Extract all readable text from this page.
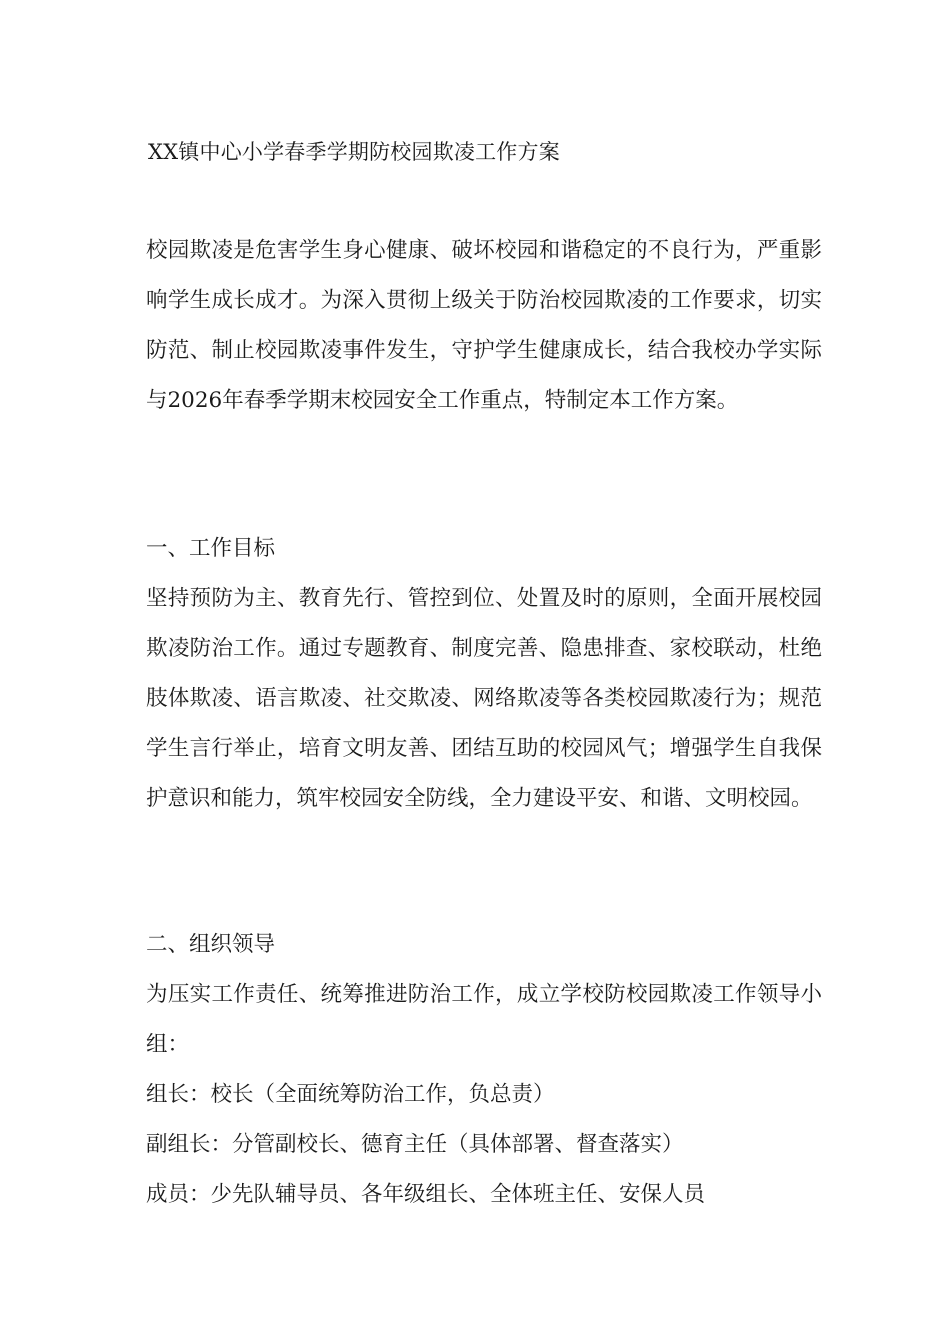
XX镇中心小学春季学期防校园欺凌工作方案

校园欺凌是危害学生身心健康、破坏校园和谐稳定的不良行为，严重影响学生成长成才。为深入贯彻上级关于防治校园欺凌的工作要求，切实防范、制止校园欺凌事件发生，守护学生健康成长，结合我校办学实际与2026年春季学期末校园安全工作重点，特制定本工作方案。

一、工作目标

坚持预防为主、教育先行、管控到位、处置及时的原则，全面开展校园欺凌防治工作。通过专题教育、制度完善、隐患排查、家校联动，杜绝肢体欺凌、语言欺凌、社交欺凌、网络欺凌等各类校园欺凌行为；规范学生言行举止，培育文明友善、团结互助的校园风气；增强学生自我保护意识和能力，筑牢校园安全防线，全力建设平安、和谐、文明校园。

二、组织领导

为压实工作责任、统筹推进防治工作，成立学校防校园欺凌工作领导小组：

组长：校长（全面统筹防治工作，负总责）
副组长：分管副校长、德育主任（具体部署、督查落实）
成员：少先队辅导员、各年级组长、全体班主任、安保人员
